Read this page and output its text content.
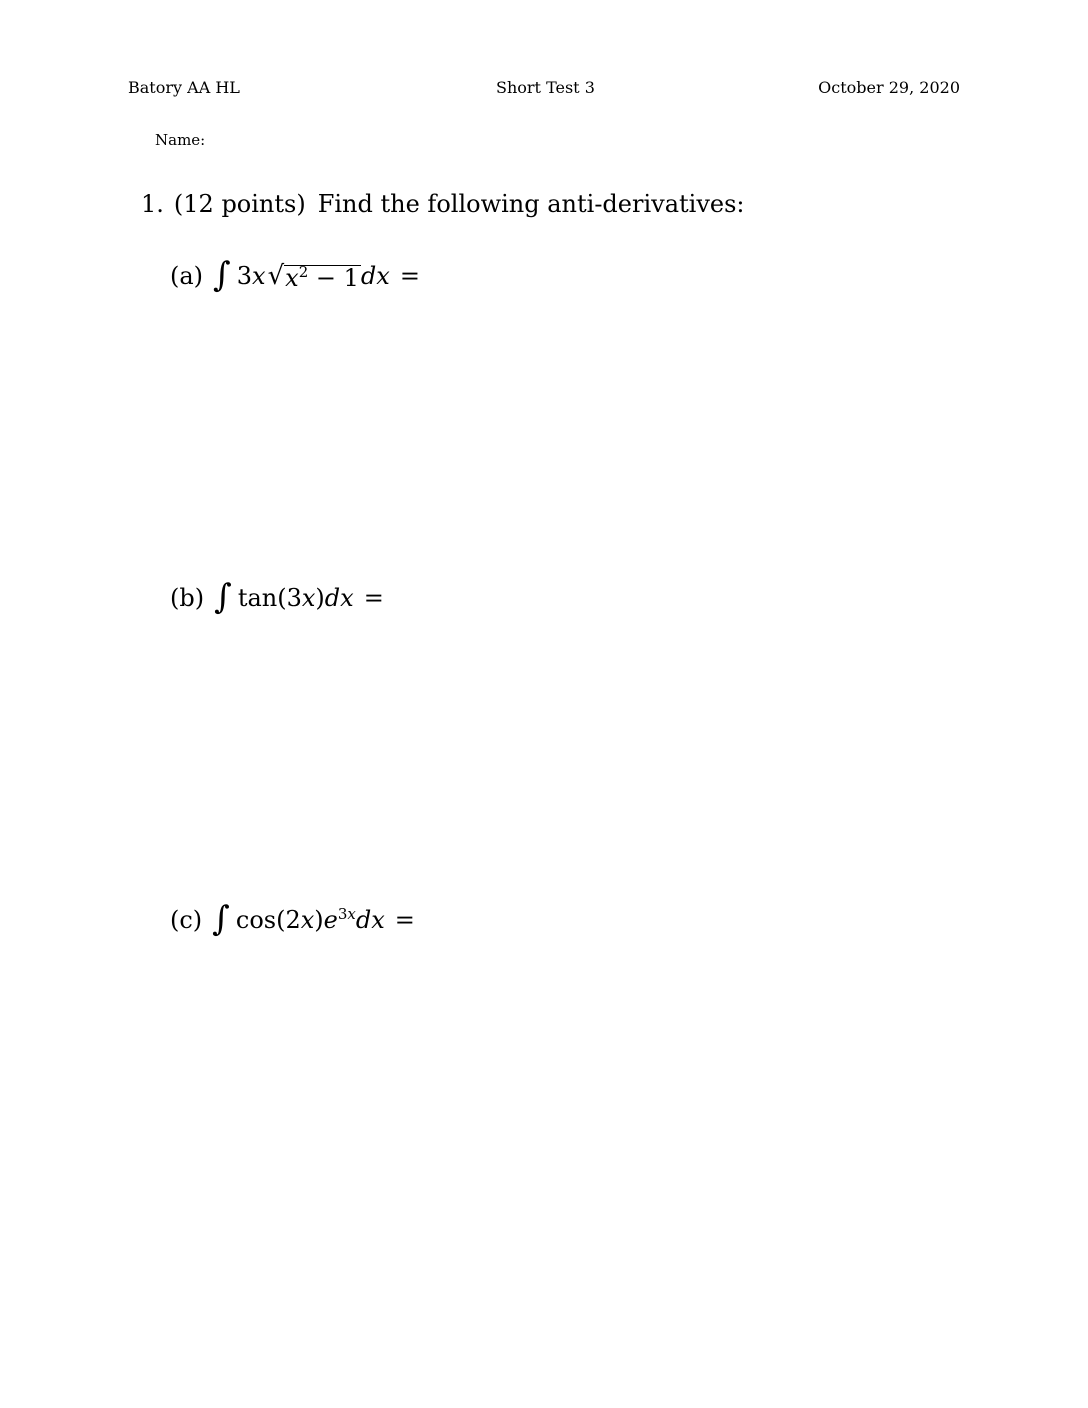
Batory AA HL	Short Test 3	October 29, 2020
Name:
1. (12 points) Find the following anti-derivatives:
(a) ∫ 3x √ $x^2 - 1$ dx =
(b) ∫ tan(3x)dx =
(c) ∫ $\cos(2x)e^{3x}dx$ =
